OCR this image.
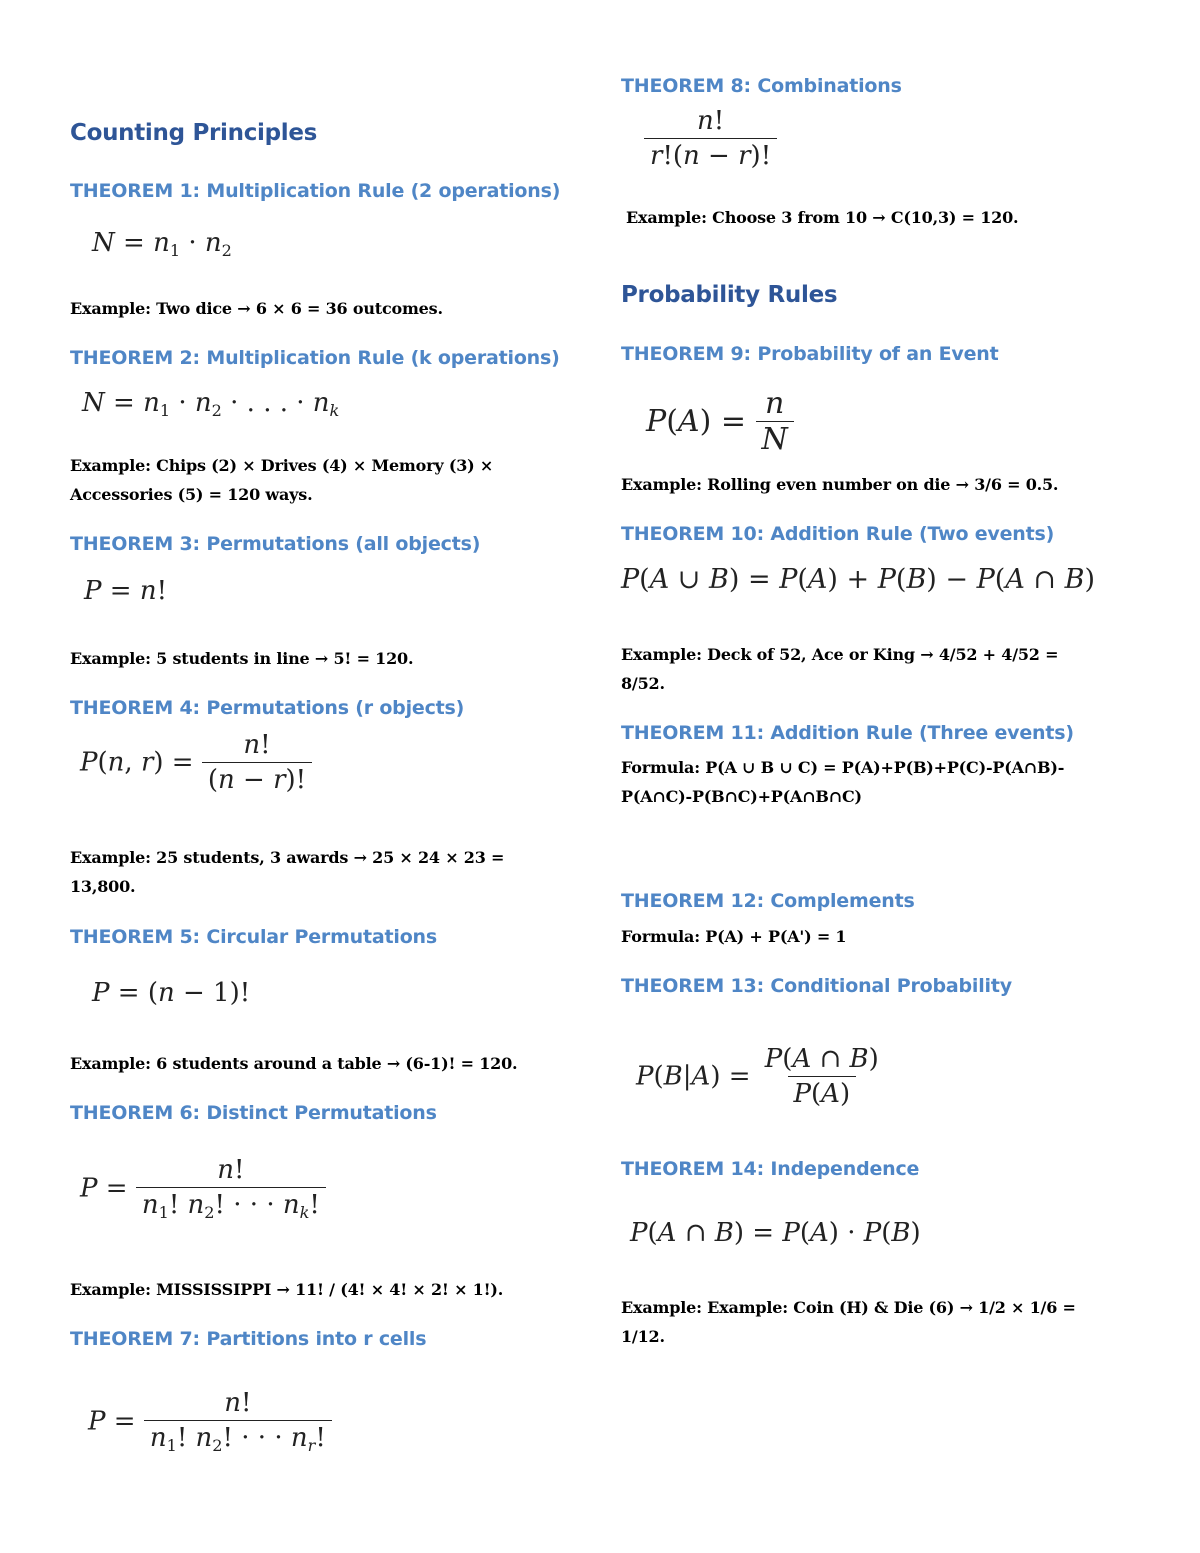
Counting Principles
THEOREM 1: Multiplication Rule (2 operations)
$N = n_1 \cdot n_2$
Example: Two dice → 6 × 6 = 36 outcomes.
THEOREM 2: Multiplication Rule (k operations)
$N = n_1 \cdot n_2$ · . . . · $n_k$
Example: Chips (2) × Drives (4) × Memory (3) × Accessories (5) = 120 ways.
THEOREM 3: Permutations (all objects)
P = n!
Example: 5 students in line → 5! = 120.
THEOREM 4: Permutations (r objects)
P(n, $r) = \frac{n!}{(n - r)!}$
Example: 25 students, 3 awards → 25 × 24 × 23 = 13,800.
THEOREM 5: Circular Permutations
P = (n − 1)!
Example: 6 students around a table → (6-1)! = 120.
THEOREM 6: Distinct Permutations
$P = \frac{n!}{n_1! n_2! \cdot \cdot \cdot n_k!}$
Example: MISSISSIPPI → 11! / (4! × 4! × 2! × 1!).
THEOREM 7: Partitions into r cells
$P = \frac{n!}{n_1! n_2! \cdot \cdot \cdot n_r!}$
THEOREM 8: Combinations
$\frac{n!}{r!(n - r)!}$
Example: Choose 3 from 10 → C(10,3) = 120.
Probability Rules
THEOREM 9: Probability of an Event
$P(A) = \frac{n}{N}$
Example: Rolling even number on die → 3/6 = 0.5.
THEOREM 10: Addition Rule (Two events)
P(A ∪ B) = P(A) + P(B) − P(A ∩ B)
Example: Deck of 52, Ace or King → 4/52 + 4/52 = 8/52.
THEOREM 11: Addition Rule (Three events)
Formula: P(A ∪ B ∪ C) = P(A)+P(B)+P(C)-P(A∩B)-P(A∩C)-P(B∩C)+P(A∩B∩C)
THEOREM 12: Complements
Formula: P(A) + P(A') = 1
THEOREM 13: Conditional Probability
$P(B|A) = \frac{P(A \cap B)}{P(A)}$
THEOREM 14: Independence
P(A ∩ B) = P(A) · P(B)
Example: Example: Coin (H) & Die (6) → 1/2 × 1/6 = 1/12.
